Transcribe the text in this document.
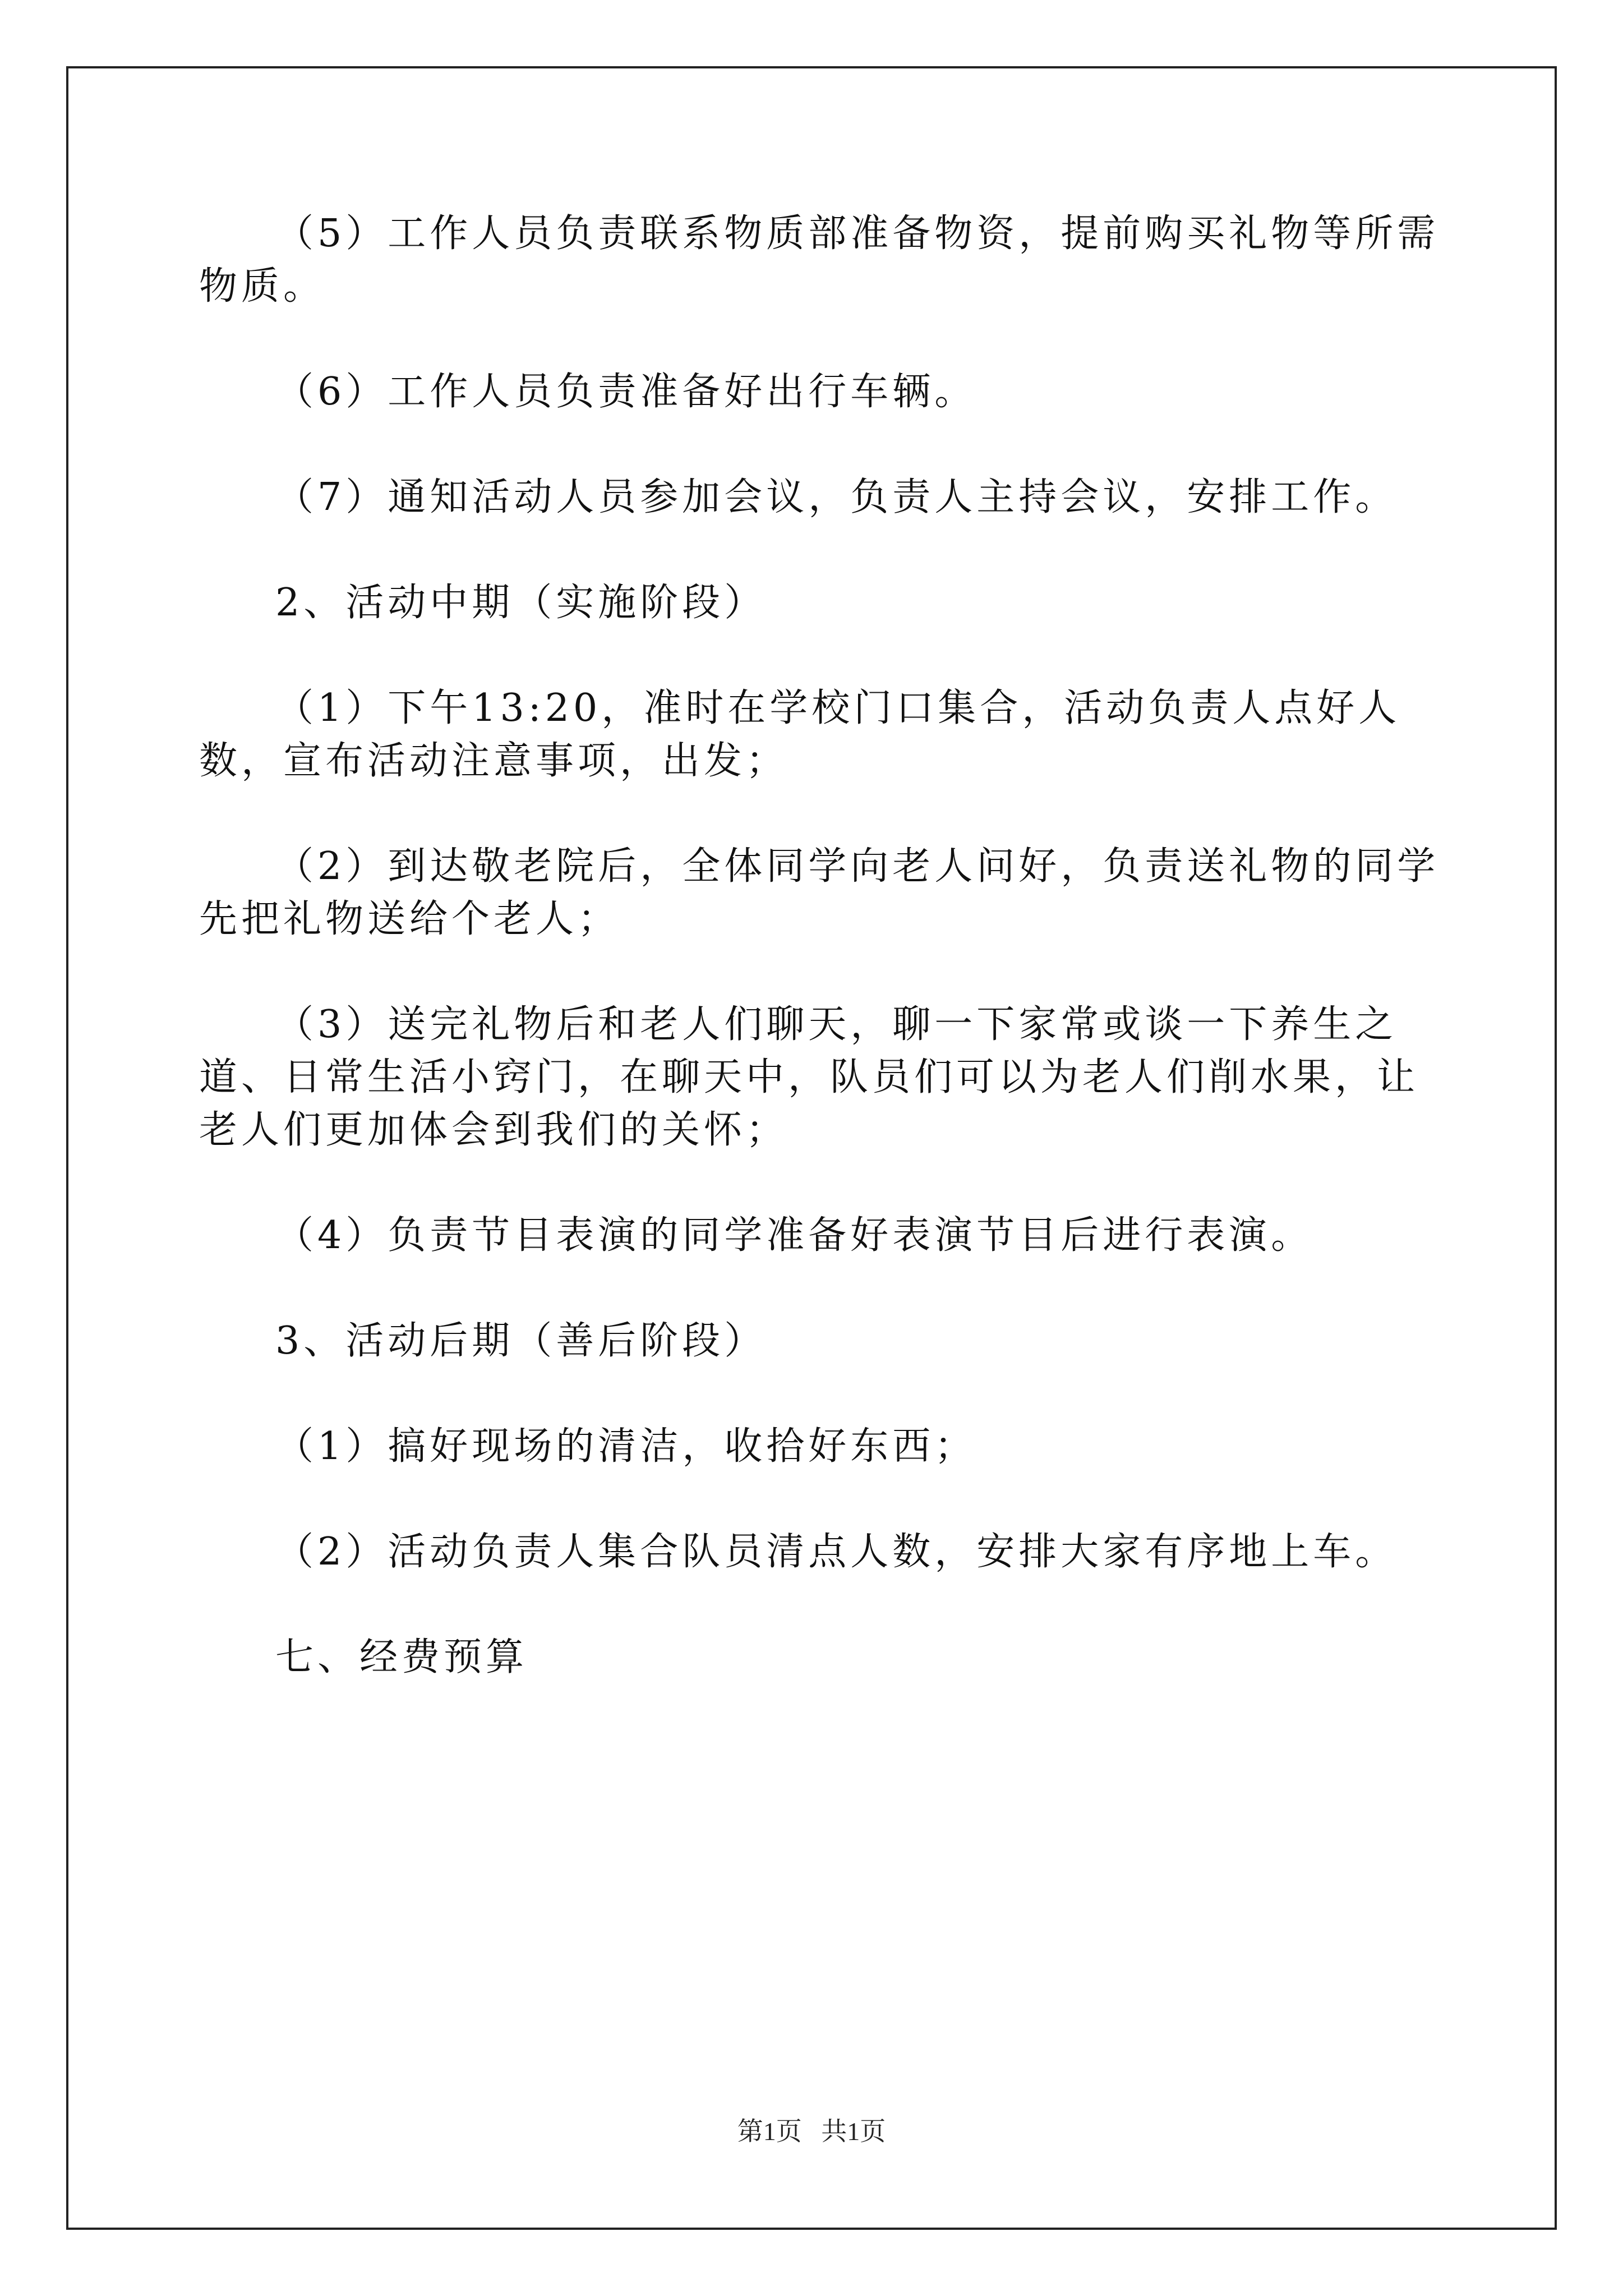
（5）工作人员负责联系物质部准备物资，提前购买礼物等所需物质。

（6）工作人员负责准备好出行车辆。

（7）通知活动人员参加会议，负责人主持会议，安排工作。

2、活动中期（实施阶段）

（1）下午13:20，准时在学校门口集合，活动负责人点好人数，宣布活动注意事项，出发；

（2）到达敬老院后，全体同学向老人问好，负责送礼物的同学先把礼物送给个老人；

（3）送完礼物后和老人们聊天，聊一下家常或谈一下养生之道、日常生活小窍门，在聊天中，队员们可以为老人们削水果，让老人们更加体会到我们的关怀；

（4）负责节目表演的同学准备好表演节目后进行表演。

3、活动后期（善后阶段）

（1）搞好现场的清洁，收拾好东西；

（2）活动负责人集合队员清点人数，安排大家有序地上车。

七、经费预算

第1页   共1页
